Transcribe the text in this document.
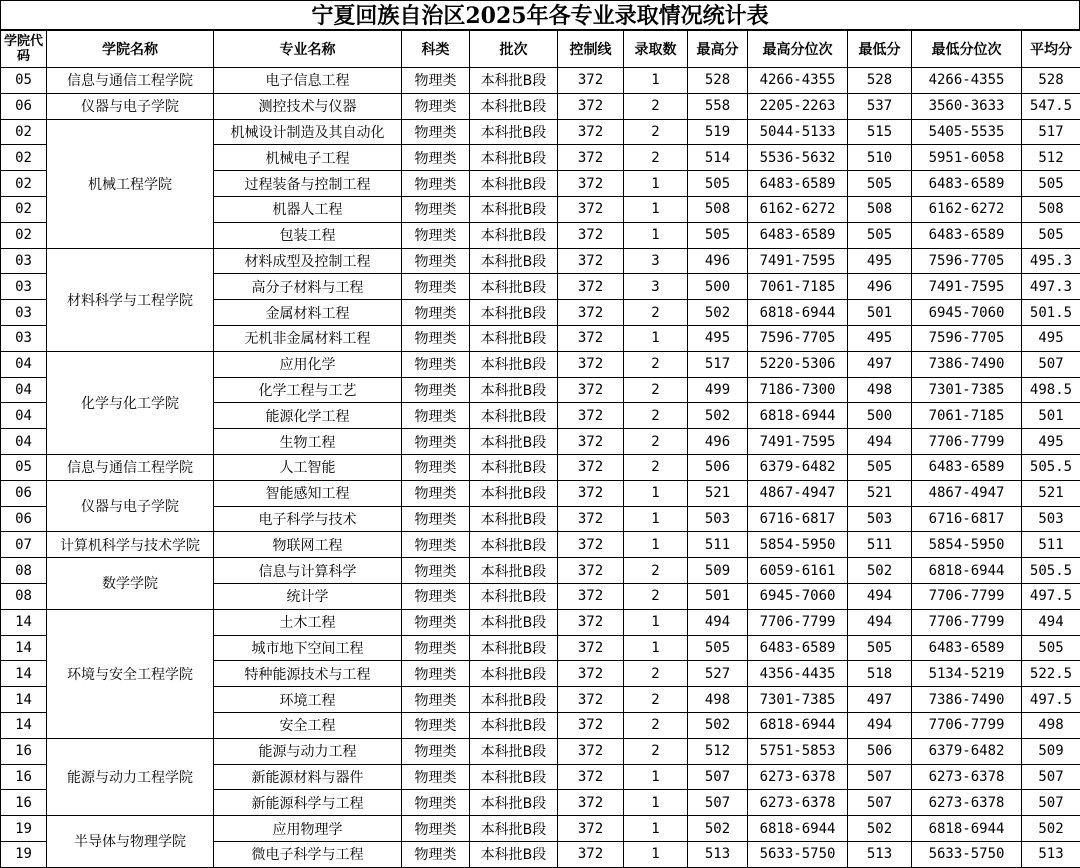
宁夏回族自治区2025年各专业录取情况统计表
学院代码	学院名称	专业名称	科类	批次	控制线	录取数	最高分	最高分位次	最低分	最低分位次	平均分
05	信息与通信工程学院	电子信息工程	物理类	本科批B段	372	1	528	4266-4355	528	4266-4355	528
06	仪器与电子学院	测控技术与仪器	物理类	本科批B段	372	2	558	2205-2263	537	3560-3633	547.5
02	机械工程学院	机械设计制造及其自动化	物理类	本科批B段	372	2	519	5044-5133	515	5405-5535	517
02		机械电子工程	物理类	本科批B段	372	2	514	5536-5632	510	5951-6058	512
02		过程装备与控制工程	物理类	本科批B段	372	1	505	6483-6589	505	6483-6589	505
02		机器人工程	物理类	本科批B段	372	1	508	6162-6272	508	6162-6272	508
02		包装工程	物理类	本科批B段	372	1	505	6483-6589	505	6483-6589	505
03	材料科学与工程学院	材料成型及控制工程	物理类	本科批B段	372	3	496	7491-7595	495	7596-7705	495.3
03		高分子材料与工程	物理类	本科批B段	372	3	500	7061-7185	496	7491-7595	497.3
03		金属材料工程	物理类	本科批B段	372	2	502	6818-6944	501	6945-7060	501.5
03		无机非金属材料工程	物理类	本科批B段	372	1	495	7596-7705	495	7596-7705	495
04	化学与化工学院	应用化学	物理类	本科批B段	372	2	517	5220-5306	497	7386-7490	507
04		化学工程与工艺	物理类	本科批B段	372	2	499	7186-7300	498	7301-7385	498.5
04		能源化学工程	物理类	本科批B段	372	2	502	6818-6944	500	7061-7185	501
04		生物工程	物理类	本科批B段	372	2	496	7491-7595	494	7706-7799	495
05	信息与通信工程学院	人工智能	物理类	本科批B段	372	2	506	6379-6482	505	6483-6589	505.5
06	仪器与电子学院	智能感知工程	物理类	本科批B段	372	1	521	4867-4947	521	4867-4947	521
06		电子科学与技术	物理类	本科批B段	372	1	503	6716-6817	503	6716-6817	503
07	计算机科学与技术学院	物联网工程	物理类	本科批B段	372	1	511	5854-5950	511	5854-5950	511
08	数学学院	信息与计算科学	物理类	本科批B段	372	2	509	6059-6161	502	6818-6944	505.5
08		统计学	物理类	本科批B段	372	2	501	6945-7060	494	7706-7799	497.5
14	环境与安全工程学院	土木工程	物理类	本科批B段	372	1	494	7706-7799	494	7706-7799	494
14		城市地下空间工程	物理类	本科批B段	372	1	505	6483-6589	505	6483-6589	505
14		特种能源技术与工程	物理类	本科批B段	372	2	527	4356-4435	518	5134-5219	522.5
14		环境工程	物理类	本科批B段	372	2	498	7301-7385	497	7386-7490	497.5
14		安全工程	物理类	本科批B段	372	2	502	6818-6944	494	7706-7799	498
16	能源与动力工程学院	能源与动力工程	物理类	本科批B段	372	2	512	5751-5853	506	6379-6482	509
16		新能源材料与器件	物理类	本科批B段	372	1	507	6273-6378	507	6273-6378	507
16		新能源科学与工程	物理类	本科批B段	372	1	507	6273-6378	507	6273-6378	507
19	半导体与物理学院	应用物理学	物理类	本科批B段	372	1	502	6818-6944	502	6818-6944	502
19		微电子科学与工程	物理类	本科批B段	372	1	513	5633-5750	513	5633-5750	513
